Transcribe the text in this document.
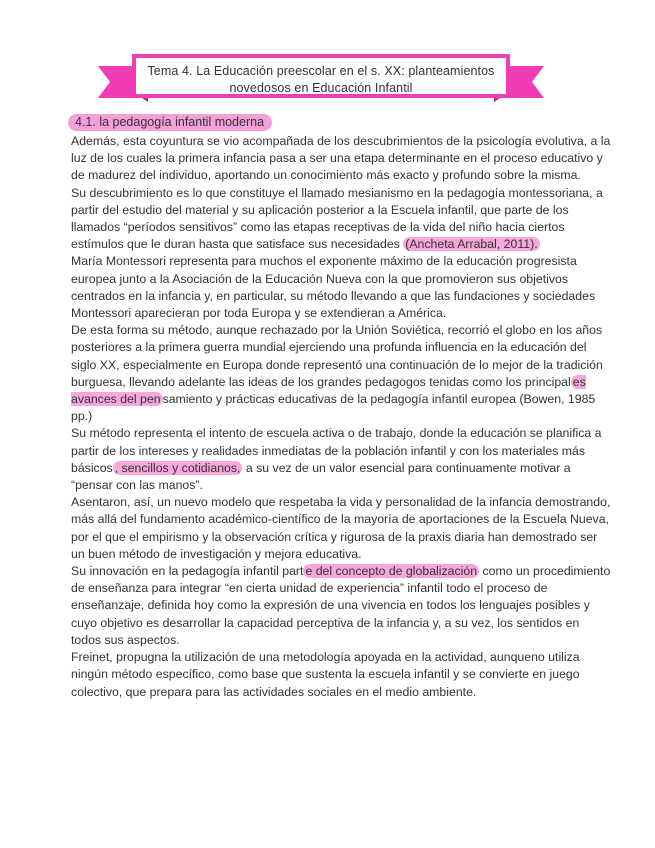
Tema 4. La Educación preescolar en el s. XX: planteamientos
novedosos en Educación Infantil
4.1. la pedagogía infantil moderna

Además, esta coyuntura se vio acompañada de los descubrimientos de la psicología evolutiva, a la luz de los cuales la primera infancia pasa a ser una etapa determinante en el proceso educativo y de madurez del individuo, aportando un conocimiento más exacto y profundo sobre la misma.

Su descubrimiento es lo que constituye el llamado mesianismo en la pedagogía montessoriana, a partir del estudio del material y su aplicación posterior a la Escuela infantil, que parte de los llamados “períodos sensitivos” como las etapas receptivas de la vida del niño hacia ciertos estímulos que le duran hasta que satisface sus necesidades (Ancheta Arrabal, 2011).

María Montessori representa para muchos el exponente máximo de la educación progresista europea junto a la Asociación de la Educación Nueva con la que promovieron sus objetivos centrados en la infancia y, en particular, su método llevando a que las fundaciones y sociedades Montessori aparecieran por toda Europa y se extendieran a América.

De esta forma su método, aunque rechazado por la Unión Soviética, recorrió el globo en los años posteriores a la primera guerra mundial ejerciendo una profunda influencia en la educación del siglo XX, especialmente en Europa donde representó una continuación de lo mejor de la tradición burguesa, llevando adelante las ideas de los grandes pedagogos tenidas como los principal es avances del pen samiento y prácticas educativas de la pedagogía infantil europea (Bowen, 1985 pp.)

Su método representa el intento de escuela activa o de trabajo, donde la educación se planifica a partir de los intereses y realidades inmediatas de la población infantil y con los materiales más básicos , sencillos y cotidianos, a su vez de un valor esencial para continuamente motivar a “pensar con las manos”.

Asentaron, así, un nuevo modelo que respetaba la vida y personalidad de la infancia demostrando, más allá del fundamento académico-científico de la mayoría de aportaciones de la Escuela Nueva, por el que el empirismo y la observación crítica y rigurosa de la praxis diaria han demostrado ser un buen método de investigación y mejora educativa.

Su innovación en la pedagogía infantil part e del concepto de globalización como un procedimiento de enseñanza para integrar “en cierta unidad de experiencia” infantil todo el proceso de enseñanzaje, definida hoy como la expresión de una vivencia en todos los lenguajes posibles y cuyo objetivo es desarrollar la capacidad perceptiva de la infancia y, a su vez, los sentidos en todos sus aspectos.

Freinet, propugna la utilización de una metodología apoyada en la actividad, aunqueno utiliza ningún método específico, como base que sustenta la escuela infantil y se convierte en juego colectivo, que prepara para las actividades sociales en el medio ambiente.
